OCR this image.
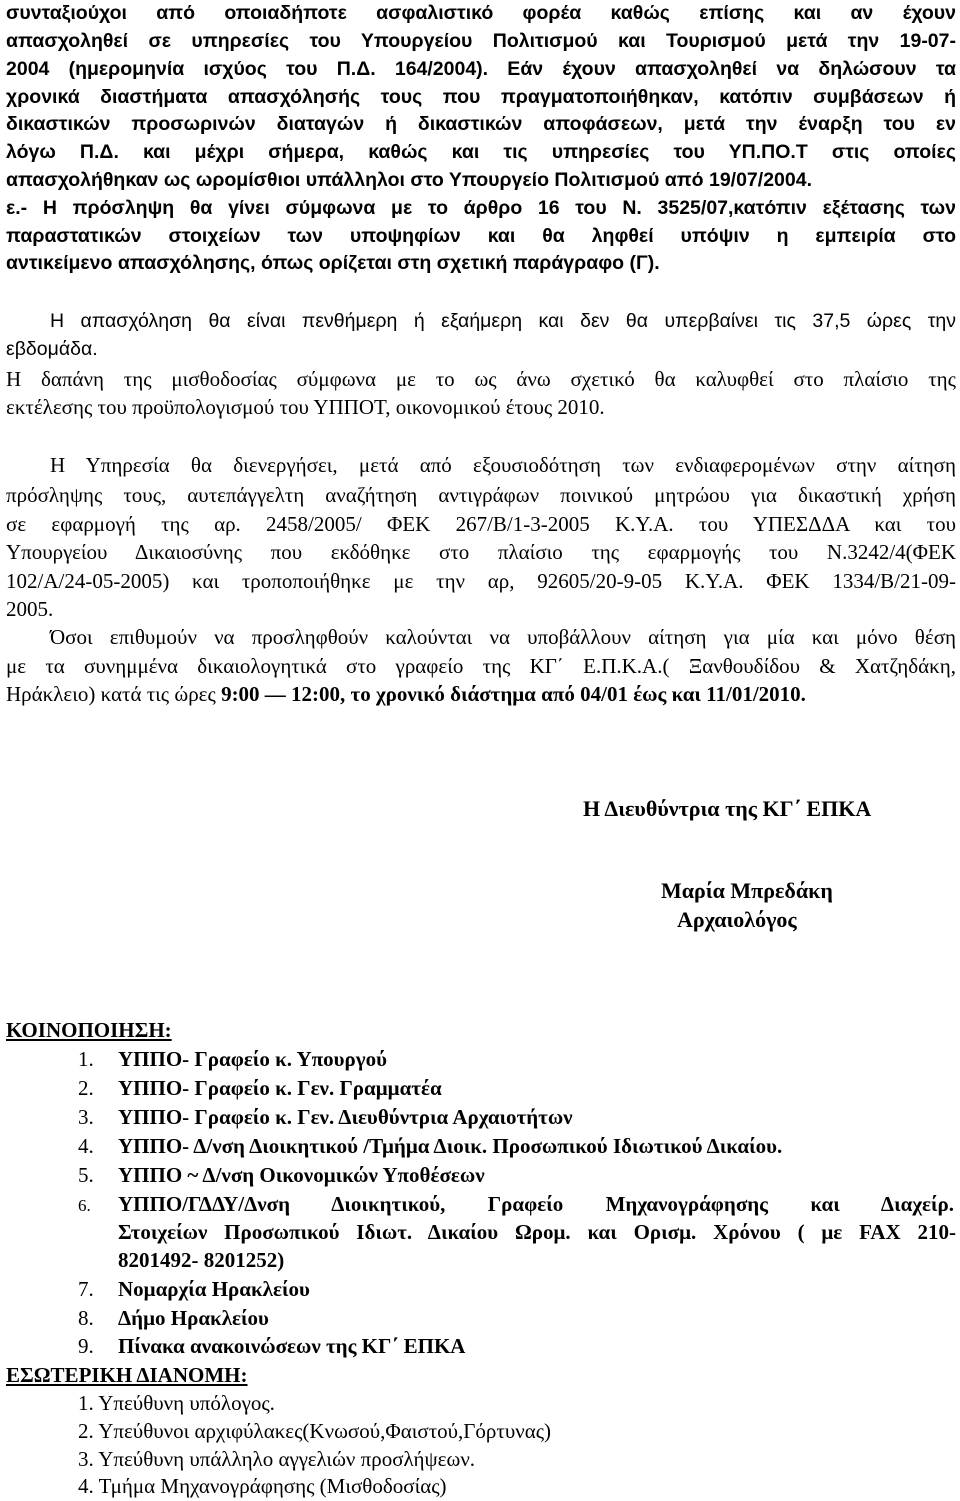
συνταξιούχοι από οποιαδήποτε ασφαλιστικό φορέα καθώς επίσης και αν έχουν
απασχοληθεί σε υπηρεσίες του Υπουργείου Πολιτισμού και Τουρισμού μετά την 19-07-
2004 (ημερομηνία ισχύος του Π.Δ. 164/2004). Εάν έχουν απασχοληθεί να δηλώσουν τα
χρονικά διαστήματα απασχόλησής τους που πραγματοποιήθηκαν, κατόπιν συμβάσεων ή
δικαστικών προσωρινών διαταγών ή δικαστικών αποφάσεων, μετά την έναρξη του εν
λόγω Π.Δ. και μέχρι σήμερα, καθώς και τις υπηρεσίες του ΥΠ.ΠΟ.Τ στις οποίες
απασχολήθηκαν ως ωρομίσθιοι υπάλληλοι στο Υπουργείο Πολιτισμού από 19/07/2004.
ε.- Η πρόσληψη θα γίνει σύμφωνα με το άρθρο 16 του Ν. 3525/07,κατόπιν εξέτασης των
παραστατικών στοιχείων των υποψηφίων και θα ληφθεί υπόψιν η εμπειρία στο
αντικείμενο απασχόλησης, όπως ορίζεται στη σχετική παράγραφο (Γ).
Η απασχόληση θα είναι πενθήμερη ή εξαήμερη και δεν θα υπερβαίνει τις 37,5 ώρες την
εβδομάδα.
Η δαπάνη της μισθοδοσίας σύμφωνα με το ως άνω σχετικό θα καλυφθεί στο πλαίσιο της
εκτέλεσης του προϋπολογισμού του ΥΠΠΟΤ, οικονομικού έτους 2010.
Η Υπηρεσία θα διενεργήσει, μετά από εξουσιοδότηση των ενδιαφερομένων στην αίτηση
πρόσληψης τους, αυτεπάγγελτη αναζήτηση αντιγράφων ποινικού μητρώου για δικαστική χρήση
σε εφαρμογή της αρ. 2458/2005/ ΦΕΚ 267/Β/1-3-2005 Κ.Υ.Α. του ΥΠΕΣΔΔΑ και του
Υπουργείου Δικαιοσύνης που εκδόθηκε στο πλαίσιο της εφαρμογής του Ν.3242/4(ΦΕΚ
102/Α/24-05-2005) και τροποποιήθηκε με την αρ, 92605/20-9-05 Κ.Υ.Α. ΦΕΚ 1334/Β/21-09-
2005.
Όσοι επιθυμούν να προσληφθούν καλούνται να υποβάλλουν αίτηση για μία και μόνο θέση
με τα συνημμένα δικαιολογητικά στο γραφείο της ΚΓ΄ Ε.Π.Κ.Α.( Ξανθουδίδου & Χατζηδάκη,
Ηράκλειο) κατά τις ώρες 9:00 — 12:00, το χρονικό διάστημα από 04/01 έως και 11/01/2010.
Η Διευθύντρια της ΚΓ΄ ΕΠΚΑ
Μαρία Μπρεδάκη
Αρχαιολόγος
ΚΟΙΝΟΠΟΙΗΣΗ:
1. ΥΠΠΟ- Γραφείο κ. Υπουργού
2. ΥΠΠΟ- Γραφείο κ. Γεν. Γραμματέα
3. ΥΠΠΟ- Γραφείο κ. Γεν. Διευθύντρια Αρχαιοτήτων
4. ΥΠΠΟ- Δ/νση Διοικητικού /Τμήμα Διοικ. Προσωπικού Ιδιωτικού Δικαίου.
5. ΥΠΠΟ ~ Δ/νση Οικονομικών Υποθέσεων
6. ΥΠΠΟ/ΓΔΔΥ/Δνση Διοικητικού, Γραφείο Μηχανογράφησης και Διαχείρ.
Στοιχείων Προσωπικού Ιδιωτ. Δικαίου Ωρομ. και Ορισμ. Χρόνου ( με FAX 210-
8201492- 8201252)
7. Νομαρχία Ηρακλείου
8. Δήμο Ηρακλείου
9. Πίνακα ανακοινώσεων της ΚΓ΄ ΕΠΚΑ
ΕΣΩΤΕΡΙΚΗ ΔΙΑΝΟΜΗ:
1. Υπεύθυνη υπόλογος.
2. Υπεύθυνοι αρχιφύλακες(Κνωσού,Φαιστού,Γόρτυνας)
3. Υπεύθυνη υπάλληλο αγγελιών προσλήψεων.
4. Τμήμα Μηχανογράφησης (Μισθοδοσίας)
